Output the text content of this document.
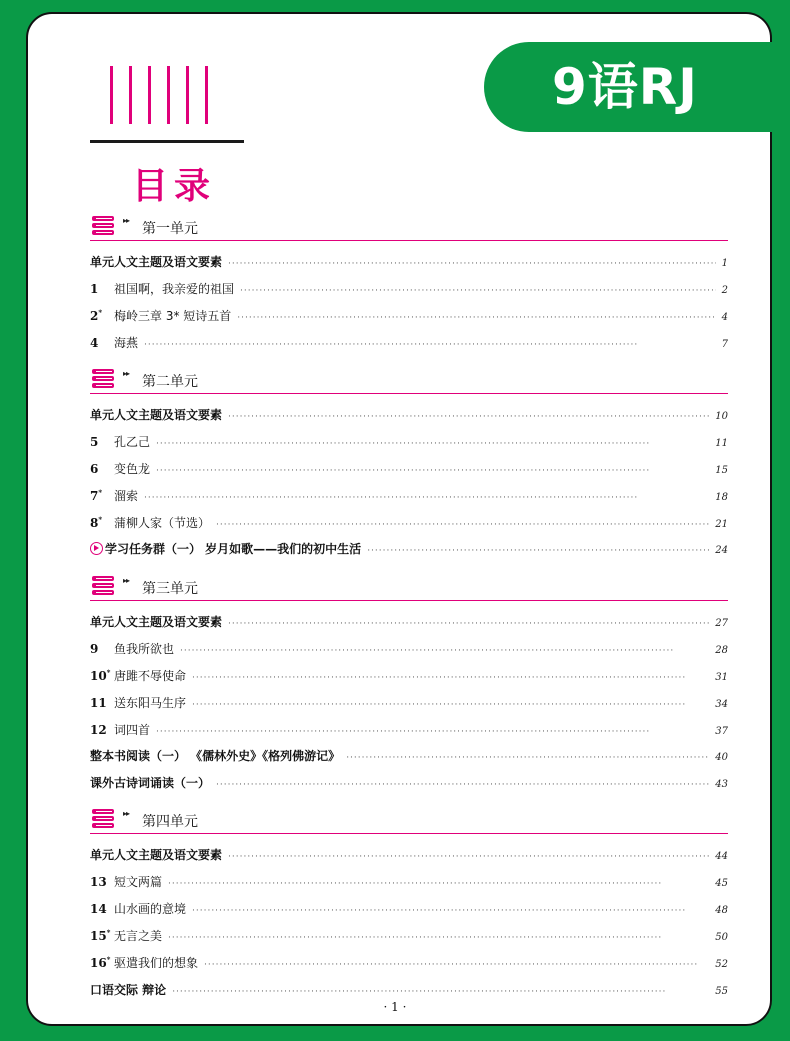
9语RJ
目录
▸▸
第一单元
单元人文主题及语文要素 ·····	1
1	祖国啊，我亲爱的祖国 ·····	2
2* 梅岭三章 3* 短诗五首 ·····	4
4	海燕 ·····	7
▸▸
第二单元
单元人文主题及语文要素 ·····	10
5	孔乙己 ·····	11
6	变色龙 ·····	15
7* 溜索 ·····	18
8* 蒲柳人家（节选） ·····	21
学习任务群（一） 岁月如歌——我们的初中生活 ·····	24
▸▸
第三单元
单元人文主题及语文要素 ·····	27
9	鱼我所欲也 ·····	28
10* 唐雎不辱使命 ·····	31
11 送东阳马生序 ·····	34
12 词四首 ·····	37
整本书阅读（一） 《儒林外史》《格列佛游记》 ·····	40
课外古诗词诵读（一） ·····	43
▸▸
第四单元
单元人文主题及语文要素 ·····	44
13 短文两篇 ·····	45
14 山水画的意境 ·····	48
15* 无言之美 ·····	50
16* 驱遣我们的想象 ·····	52
口语交际 辩论 ·····	55
· 1 ·
